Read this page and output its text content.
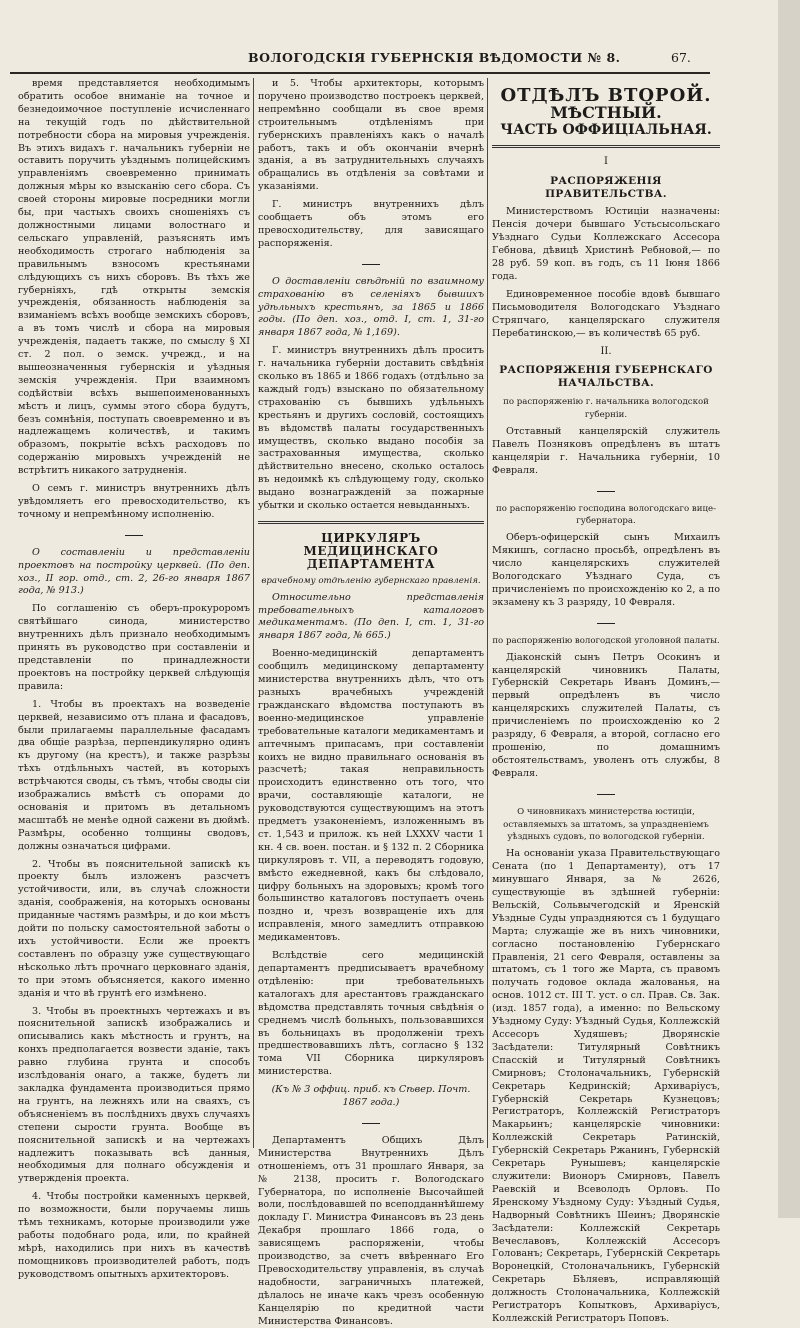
ВОЛОГОДСКІЯ ГУБЕРНСКІЯ ВѢДОМОСТИ № 8.	67.

время представляется необходимымъ обратить особое вниманіе на точное и безнедоимочное поступленіе исчисленнаго на текущій годъ по дѣйствительной потребности сбора на мировыя учрежденія. Въ этихъ видахъ г. начальникъ губерніи не оставитъ поручить уѣзднымъ полицейскимъ управленіямъ своевременно принимать должныя мѣры ко взысканію сего сбора. Съ своей стороны мировые посредники могли бы, при частыхъ своихъ сношеніяхъ съ должностными лицами волостнаго и сельскаго управленій, разъяснять имъ необходимость строгаго наблюденія за правильнымъ взносомъ крестьянами слѣдующихъ съ нихъ сборовъ. Въ тѣхъ же губерніяхъ, гдѣ открыты земскія учрежденія, обязанность наблюденія за взиманіемъ всѣхъ вообще земскихъ сборовъ, а въ томъ числѣ и сбора на мировыя учрежденія, падаетъ также, по смыслу § XI ст. 2 пол. о земск. учрежд., и на вышеозначенныя губернскія и уѣздныя земскія учрежденія. При взаимномъ содѣйствіи всѣхъ вышепоименованныхъ мѣстъ и лицъ, суммы этого сбора будутъ, безъ сомнѣнія, поступать своевременно и въ надлежащемъ количествѣ, и такимъ образомъ, покрытіе всѣхъ расходовъ по содержанію мировыхъ учрежденій не встрѣтитъ никакого затрудненія.

О семъ г. министръ внутреннихъ дѣлъ увѣдомляетъ его превосходительство, къ точному и непремѣнному исполненію.

О составленіи и представленіи проектовъ на постройку церквей. (По деп. хоз., II гор. отд., ст. 2, 26-го января 1867 года, № 913.)

По соглашенію съ оберъ-прокуроромъ святѣйшаго синода, министерство внутреннихъ дѣлъ признало необходимымъ принять въ руководство при составленіи и представленіи по принадлежности проектовъ на постройку церквей слѣдующія правила:

1. Чтобы въ проектахъ на возведеніе церквей, независимо отъ плана и фасадовъ, были прилагаемы параллельные фасадамъ два общіе разрѣза, перпендикулярно одинъ къ другому (на крестъ), и также разрѣзы тѣхъ отдѣльныхъ частей, въ которыхъ встрѣчаются своды, съ тѣмъ, чтобы своды сіи изображались вмѣстѣ съ опорами до основанія и притомъ въ детальномъ масштабѣ не менѣе одной сажени въ дюймѣ. Размѣры, особенно толщины сводовъ, должны означаться цифрами.

2. Чтобы въ пояснительной запискѣ къ проекту былъ изложенъ разсчетъ устойчивости, или, въ случаѣ сложности зданія, соображенія, на которыхъ основаны приданные частямъ размѣры, и до кои мѣстъ дойти по польску самостоятельной заботы о ихъ устойчивости. Если же проектъ составленъ по образцу уже существующаго нѣсколько лѣтъ прочнаго церковнаго зданія, то при этомъ объясняется, какого именно зданія и что вѣ грунтѣ его измѣнено.

3. Чтобы въ проектныхъ чертежахъ и въ пояснительной запискѣ изображались и описывались какъ мѣстность и грунтъ, на конхъ предполагается возвести зданіе, такъ равно глубина грунта и способъ изслѣдованія онаго, а также, будетъ ли закладка фундамента производиться прямо на грунтъ, на лежняхъ или на сваяхъ, съ объясненіемъ въ послѣднихъ двухъ случаяхъ степени сырости грунта. Вообще въ пояснительной запискѣ и на чертежахъ надлежитъ показывать всѣ данныя, необходимыя для полнаго обсужденія и утвержденія проекта.

4. Чтобы постройки каменныхъ церквей, по возможности, были поручаемы лишь тѣмъ техникамъ, которые производили уже работы подобнаго рода, или, по крайней мѣрѣ, находились при нихъ въ качествѣ помощниковъ производителей работъ, подъ руководствомъ опытныхъ архитекторовъ.

и 5. Чтобы архитекторы, которымъ поручено производство построекъ церквей, непремѣнно сообщали въ свое время строительнымъ отдѣленіямъ при губернскихъ правленіяхъ какъ о началѣ работъ, такъ и объ окончаніи вчернѣ зданія, а въ затруднительныхъ случаяхъ обращались въ отдѣленія за совѣтами и указаніями.

Г. министръ внутреннихъ дѣлъ сообщаетъ объ этомъ его превосходительству, для зависящаго распоряженія.

О доставленіи свѣдѣній по взаимному страхованію въ селеніяхъ бывшихъ удѣльныхъ крестьянъ, за 1865 и 1866 годы. (По деп. хоз., отд. I, ст. 1, 31-го января 1867 года, № 1,169).

Г. министръ внутреннихъ дѣлъ проситъ г. начальника губерніи доставить свѣдѣнія сколько въ 1865 и 1866 годахъ (отдѣльно за каждый годъ) взыскано по обязательному страхованію съ бывшихъ удѣльныхъ крестьянъ и другихъ сословій, состоящихъ въ вѣдомствѣ палаты государственныхъ имуществъ, сколько выдано пособія за застрахованныя имущества, сколько дѣйствительно внесено, сколько осталось въ недоимкѣ къ слѣдующему году, сколько выдано вознагражденій за пожарные убытки и сколько остается невыданныхъ.

ЦИРКУЛЯРЪ МЕДИЦИНСКАГО ДЕПАРТАМЕНТА
врачебному отдѣленію губернскаго правленія.

Относительно представленія требовательныхъ каталоговъ медикаментамъ. (По деп. I, ст. 1, 31-го января 1867 года, № 665.)

Военно-медицинскій департаментъ сообщилъ медицинскому департаменту министерства внутреннихъ дѣлъ, что отъ разныхъ врачебныхъ учрежденій гражданскаго вѣдомства поступаютъ въ военно-медицинское управленіе требовательные каталоги медикаментамъ и аптечнымъ припасамъ, при составленіи коихъ не видно правильнаго основанія въ разсчетѣ; такая неправильность происходитъ единственно отъ того, что врачи, составляющіе каталоги, не руководствуются существующимъ на этотъ предметъ узаконеніемъ, изложеннымъ въ ст. 1,543 и прилож. къ ней LXXXV части 1 кн. 4 св. воен. постан. и § 132 п. 2 Сборника циркуляровъ т. VII, а переводятъ годовую, вмѣсто ежедневной, какъ бы слѣдовало, цифру больныхъ на здоровыхъ; кромѣ того большинство каталоговъ поступаетъ очень поздно и, чрезъ возвращеніе ихъ для исправленія, много замедлитъ отправкою медикаментовъ.

Вслѣдствіе сего медицинскій департаментъ предписываетъ врачебному отдѣленію: при требовательныхъ каталогахъ для арестантовъ гражданскаго вѣдомства представлять точныя свѣдѣнія о среднемъ числѣ больныхъ, пользовавшихся въ больницахъ въ продолженіи трехъ предшествовавшихъ лѣтъ, согласно § 132 тома VII Сборника циркуляровъ министерства.

(Къ № 3 оффиц. приб. къ Сѣвер. Почт. 1867 года.)

Департаментъ Общихъ Дѣлъ Министерства Внутреннихъ Дѣлъ отношеніемъ, отъ 31 прошлаго Января, за № 2138, проситъ г. Вологодскаго Губернатора, по исполненіе Высочайшей воли, послѣдовавшей по всеподданнѣйшему докладу Г. Министра Финансовъ въ 23 день Декабря прошлаго 1866 года, о зависящемъ распоряженіи, чтобы производство, за счетъ ввѣреннаго Его Превосходительству управленія, въ случаѣ надобности, заграничныхъ платежей, дѣлалось не иначе какъ чрезъ особенную Канцелярію по кредитной части Министерства Финансовъ.

ОТДѢЛЪ ВТОРОЙ.
МѢСТНЫЙ.
ЧАСТЬ ОФФИЦІАЛЬНАЯ.
I
РАСПОРЯЖЕНІЯ ПРАВИТЕЛЬСТВА.

Министерствомъ Юстиціи назначены: Пенсія дочери бывшаго Устьсысольскаго Уѣзднаго Судьи Коллежскаго Ассесора Гебнова, дѣвицѣ Христинѣ Ребновой,— по 28 руб. 59 коп. въ годъ, съ 11 Іюня 1866 года.

Единовременное пособіе вдовѣ бывшаго Письмоводителя Вологодскаго Уѣзднаго Стряпчаго, канцелярскаго служителя Перебатинскою,— въ количествѣ 65 руб.

II.
РАСПОРЯЖЕНІЯ ГУБЕРНСКАГО НАЧАЛЬСТВА.
по распоряженію г. начальника вологодской губерніи.

Отставный канцелярскій служитель Павелъ Позняковъ опредѣленъ въ штатъ канцеляріи г. Начальника губерніи, 10 Февраля.

по распоряженію господина вологодскаго вице-губернатора.

Оберъ-офицерскій сынъ Михаилъ Мякишъ, согласно просьбѣ, опредѣленъ въ число канцелярскихъ служителей Вологодскаго Уѣзднаго Суда, съ причисленіемъ по происхожденію ко 2, а по экзамену къ 3 разряду, 10 Февраля.

по распоряженію вологодской уголовной палаты.

Діаконскій сынъ Петръ Осокинъ и канцелярскій чиновникъ Палаты, Губернскій Секретарь Иванъ Доминъ,— первый опредѣленъ въ число канцелярскихъ служителей Палаты, съ причисленіемъ по происхожденію ко 2 разряду, 6 Февраля, а второй, согласно его прошенію, по домашнимъ обстоятельствамъ, уволенъ отъ службы, 8 Февраля.

О чиновникахъ министерства юстиціи, оставляемыхъ за штатомъ, за упраздненіемъ уѣздныхъ судовъ, по вологодской губерніи.

На основаніи указа Правительствующаго Сената (по 1 Департаменту), отъ 17 минувшаго Января, за № 2626, существующіе въ здѣшней губерніи: Вельскій, Сольвычегодскій и Яренскій Уѣздные Суды упраздняются съ 1 будущаго Марта; служащіе же въ нихъ чиновники, согласно постановленію Губернскаго Правленія, 21 сего Февраля, оставлены за штатомъ, съ 1 того же Марта, съ правомъ получать годовое оклада жалованья, на основ. 1012 ст. III Т. уст. о сл. Прав. Св. Зак. (изд. 1857 года), а именно: по Вельскому Уѣздному Суду: Уѣздный Судья, Коллежскій Ассесоръ Худяшевъ; Дворянскіе Засѣдатели: Титулярный Совѣтникъ Спасскій и Титулярный Совѣтникъ Смирновъ; Столоначальникъ, Губернскій Секретарь Кедринскій; Архиваріусъ, Губернскій Секретарь Кузнецовъ; Регистраторъ, Коллежскій Регистраторъ Макарьинъ; канцелярскіе чиновники: Коллежскій Секретарь Ратинскій, Губернскій Секретарь Ржанинъ, Губернскій Секретарь Рунышевъ; канцелярскіе служители: Вионоръ Смирновъ, Павелъ Раевскій и Всеволодъ Орловъ. По Яренскому Уѣздному Суду: Уѣздный Судья, Надворный Совѣтникъ Шеинъ; Дворянскіе Засѣдатели: Коллежскій Секретарь Вечеславовъ, Коллежскій Ассесоръ Голованъ; Секретарь, Губернскій Секретарь Воронецкій, Столоначальникъ, Губернскій Секретарь Бѣляевъ, исправляющій должность Столоначальника, Коллежскій Регистраторъ Копытковъ, Архиваріусъ, Коллежскій Регистраторъ Поповъ.
